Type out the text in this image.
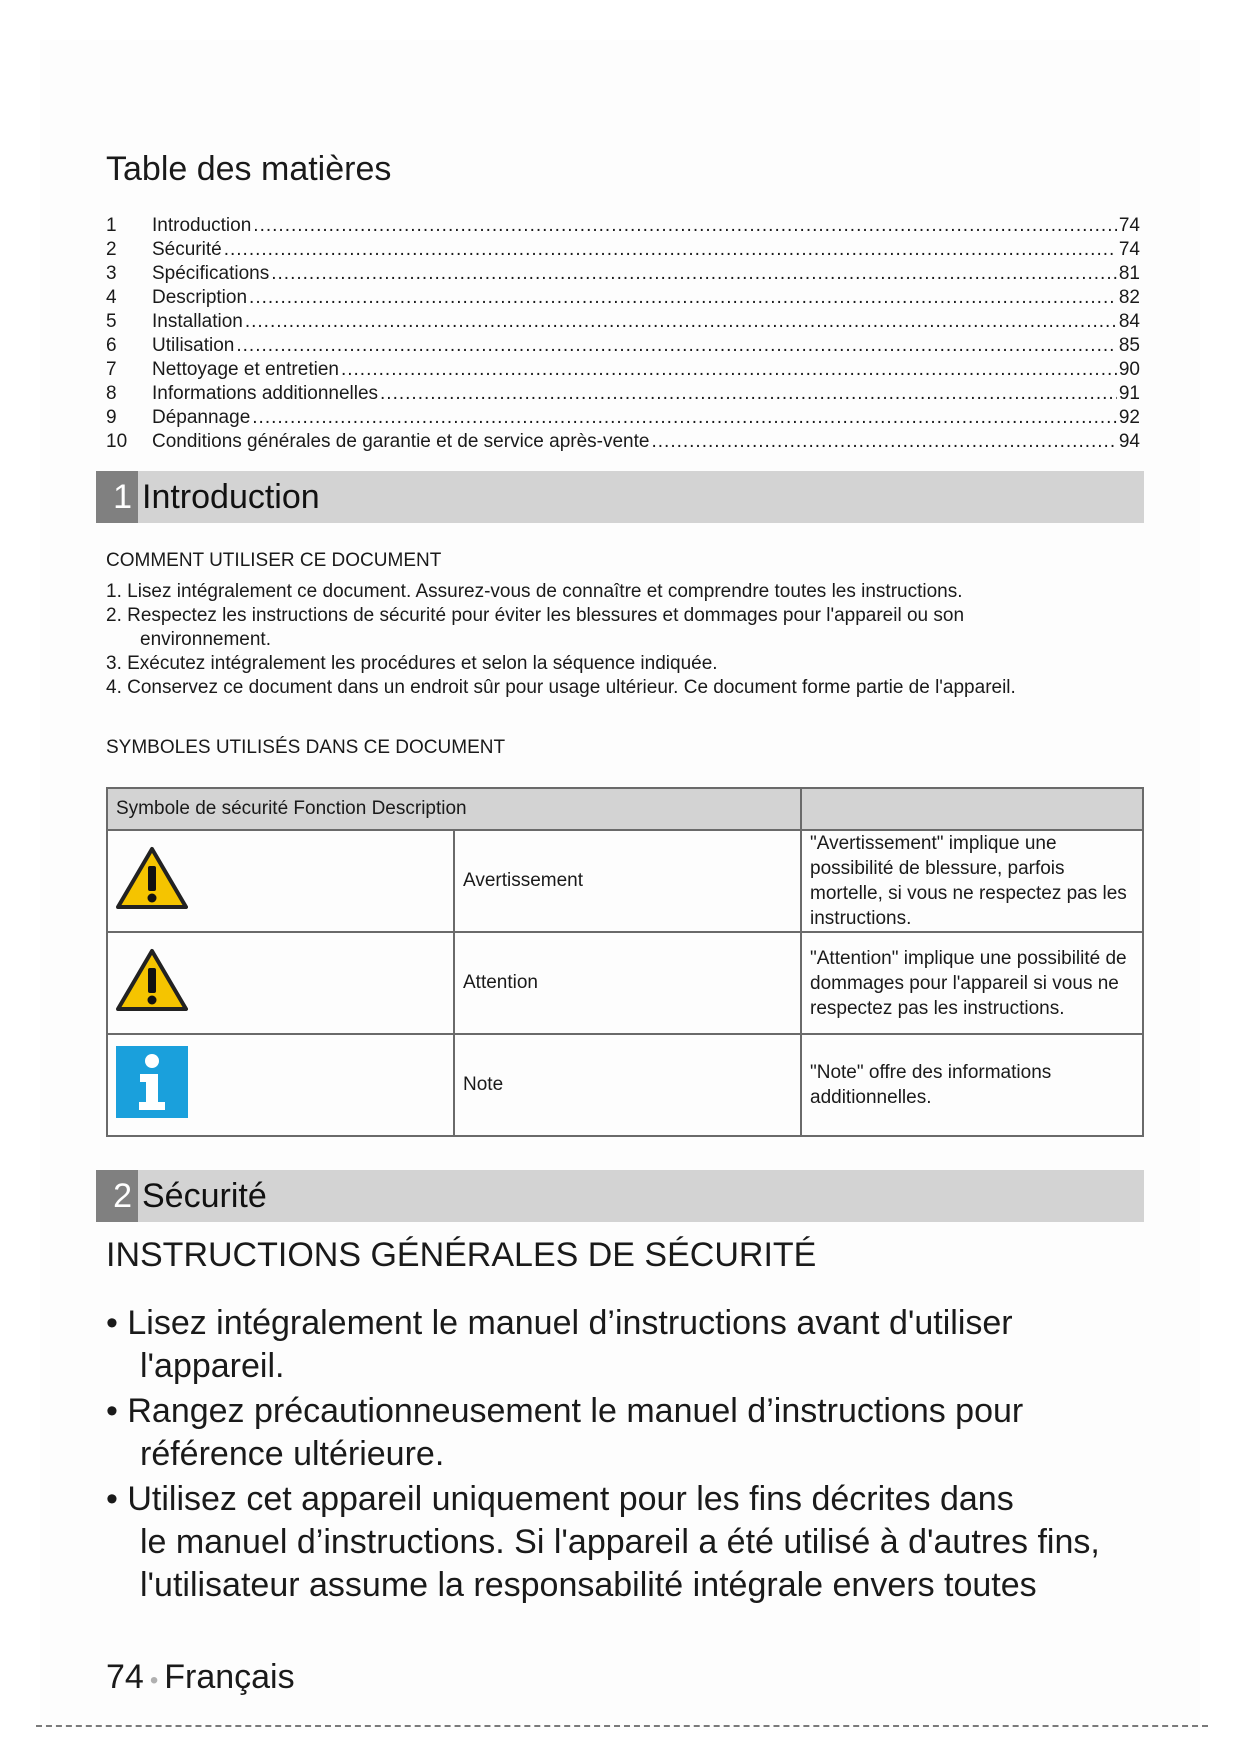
Table des matières
1	Introduction .....	74
2	Sécurité .....	74
3	Spécifications .....	81
4	Description .....	82
5	Installation .....	84
6	Utilisation .....	85
7	Nettoyage et entretien .....	90
8	Informations additionnelles .....	91
9	Dépannage .....	92
10	Conditions générales de garantie et de service après-vente .....	94
1 Introduction
COMMENT UTILISER CE DOCUMENT
1. Lisez intégralement ce document. Assurez-vous de connaître et comprendre toutes les instructions.
2. Respectez les instructions de sécurité pour éviter les blessures et dommages pour l'appareil ou son
environnement.
3. Exécutez intégralement les procédures et selon la séquence indiquée.
4. Conservez ce document dans un endroit sûr pour usage ultérieur. Ce document forme partie de l'appareil.
SYMBOLES UTILISÉS DANS CE DOCUMENT
Symbole de sécurité Fonction Description		
	Avertissement	"Avertissement" implique une possibilité de blessure, parfois mortelle, si vous ne respectez pas les instructions.
	Attention	"Attention" implique une possibilité de dommages pour l'appareil si vous ne respectez pas les instructions.
	Note	"Note" offre des informations additionnelles.
2 Sécurité
INSTRUCTIONS GÉNÉRALES DE SÉCURITÉ
• Lisez intégralement le manuel d’instructions avant d'utiliser
l'appareil.
• Rangez précautionneusement le manuel d’instructions pour
référence ultérieure.
• Utilisez cet appareil uniquement pour les fins décrites dans
le manuel d’instructions. Si l'appareil a été utilisé à d'autres fins, l'utilisateur assume la responsabilité intégrale envers toutes
74 • Français
